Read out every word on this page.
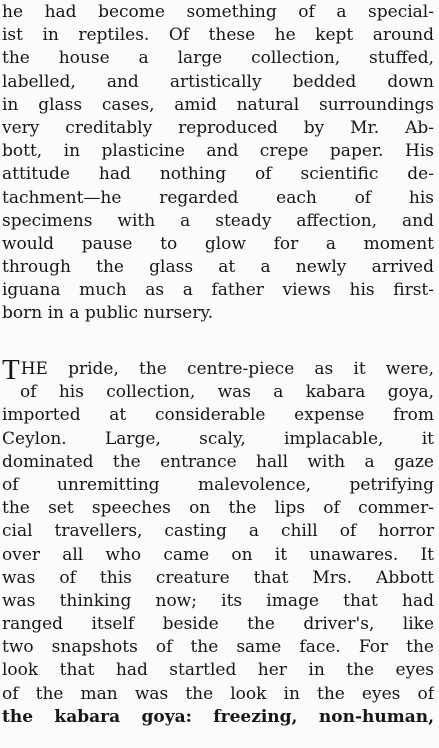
he had become something of a special-
ist in reptiles. Of these he kept around
the house a large collection, stuffed,
labelled, and artistically bedded down
in glass cases, amid natural surroundings
very creditably reproduced by Mr. Ab-
bott, in plasticine and crepe paper. His
attitude had nothing of scientific de-
tachment—he regarded each of his
specimens with a steady affection, and
would pause to glow for a moment
through the glass at a newly arrived
iguana much as a father views his first-
born in a public nursery.
THE pride, the centre-piece as it were,
of his collection, was a kabara goya,
imported at considerable expense from
Ceylon. Large, scaly, implacable, it
dominated the entrance hall with a gaze
of unremitting malevolence, petrifying
the set speeches on the lips of commer-
cial travellers, casting a chill of horror
over all who came on it unawares. It
was of this creature that Mrs. Abbott
was thinking now; its image that had
ranged itself beside the driver's, like
two snapshots of the same face. For the
look that had startled her in the eyes
of the man was the look in the eyes of
the kabara goya: freezing, non-human,
